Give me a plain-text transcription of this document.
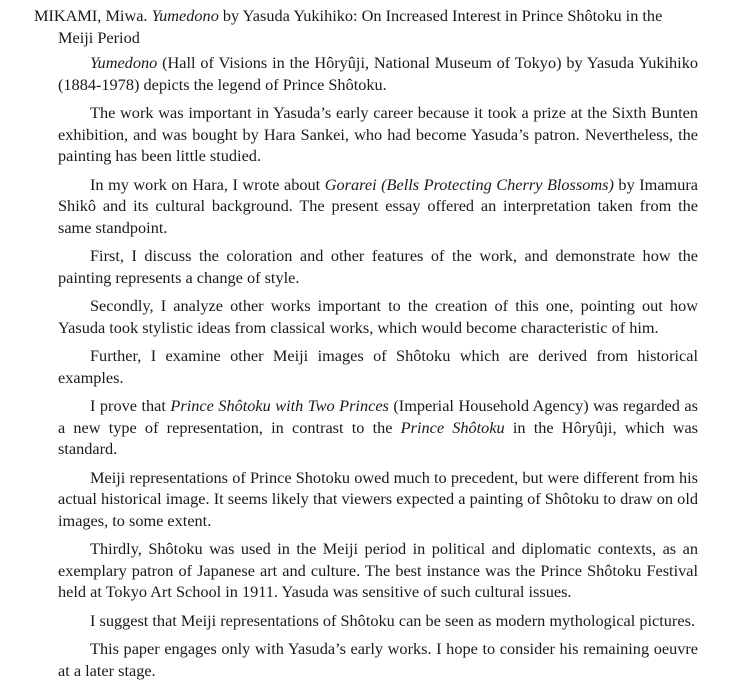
MIKAMI, Miwa. Yumedono by Yasuda Yukihiko: On Increased Interest in Prince Shôtoku in the Meiji Period

Yumedono (Hall of Visions in the Hôryûji, National Museum of Tokyo) by Yasuda Yukihiko (1884-1978) depicts the legend of Prince Shôtoku.

The work was important in Yasuda’s early career because it took a prize at the Sixth Bunten exhibition, and was bought by Hara Sankei, who had become Yasuda’s patron. Nevertheless, the painting has been little studied.

In my work on Hara, I wrote about Gorarei (Bells Protecting Cherry Blossoms) by Imamura Shikô and its cultural background. The present essay offered an interpretation taken from the same standpoint.

First, I discuss the coloration and other features of the work, and demonstrate how the painting represents a change of style.

Secondly, I analyze other works important to the creation of this one, pointing out how Yasuda took stylistic ideas from classical works, which would become characteristic of him.

Further, I examine other Meiji images of Shôtoku which are derived from historical examples.

I prove that Prince Shôtoku with Two Princes (Imperial Household Agency) was regarded as a new type of representation, in contrast to the Prince Shôtoku in the Hôryûji, which was standard.

Meiji representations of Prince Shotoku owed much to precedent, but were different from his actual historical image. It seems likely that viewers expected a painting of Shôtoku to draw on old images, to some extent.

Thirdly, Shôtoku was used in the Meiji period in political and diplomatic contexts, as an exemplary patron of Japanese art and culture. The best instance was the Prince Shôtoku Festival held at Tokyo Art School in 1911. Yasuda was sensitive of such cultural issues.

I suggest that Meiji representations of Shôtoku can be seen as modern mythological pictures.

This paper engages only with Yasuda’s early works. I hope to consider his remaining oeuvre at a later stage.
